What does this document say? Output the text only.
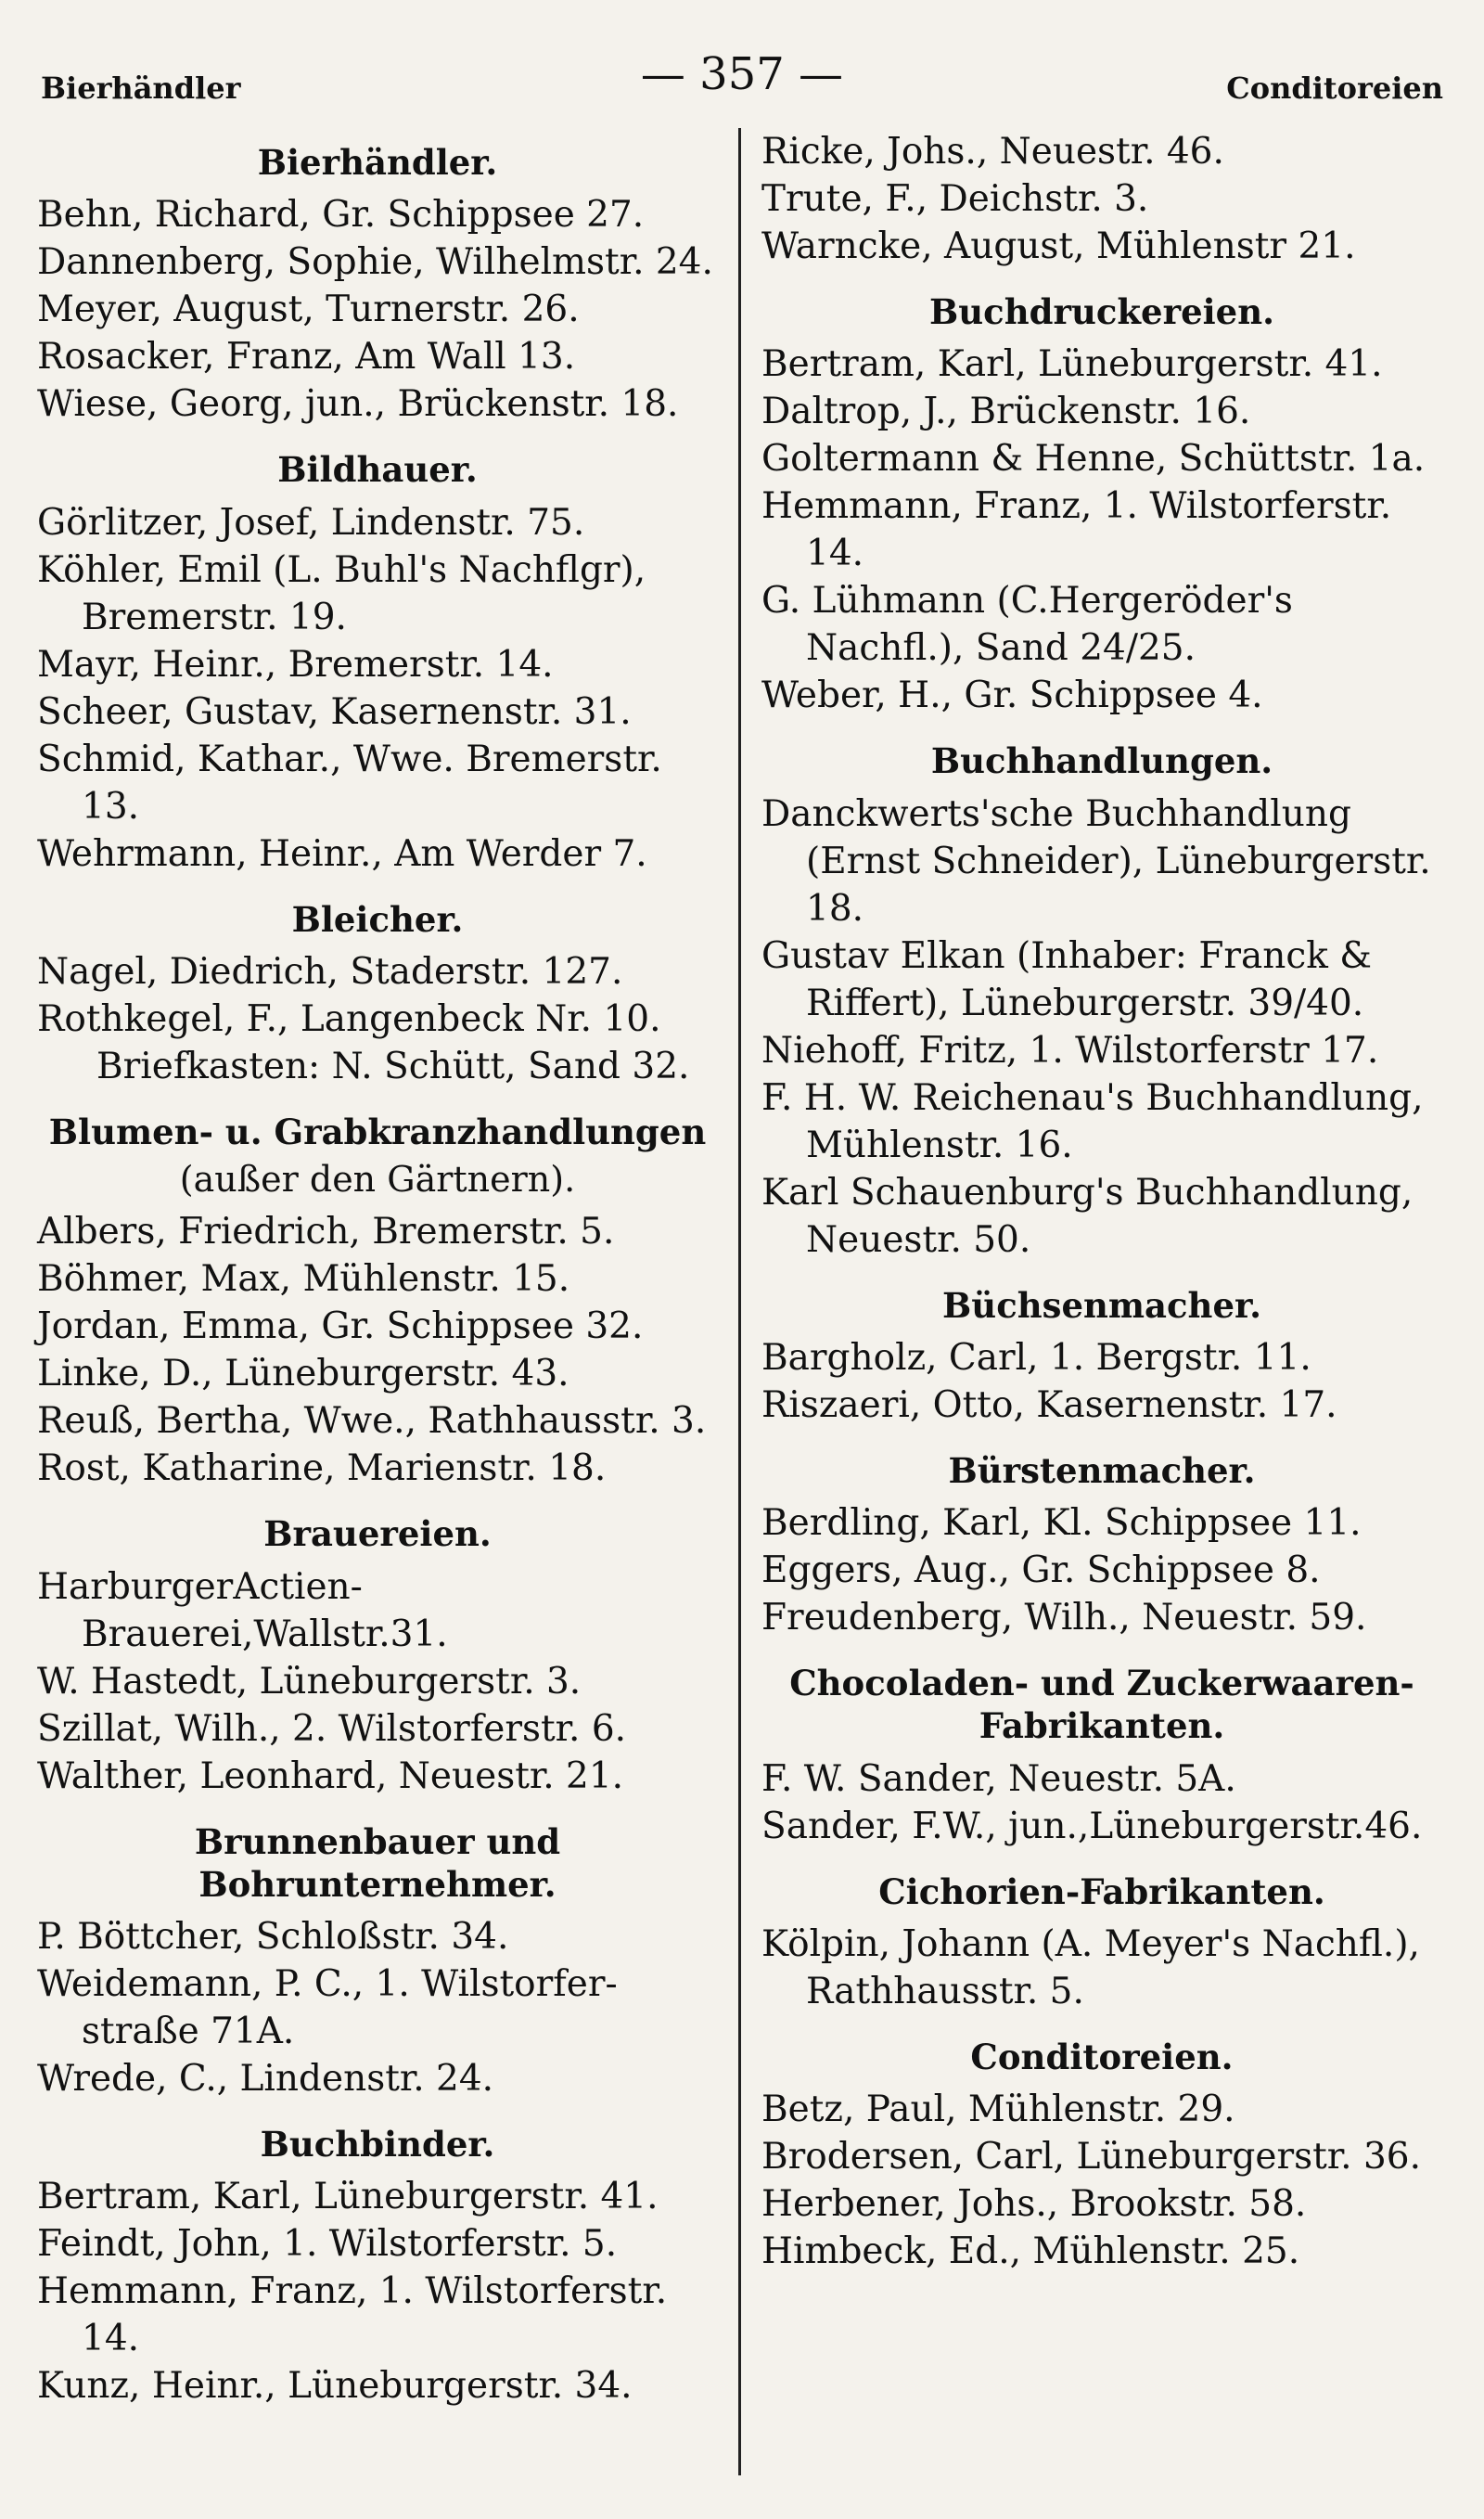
Bierhändler	— 357 —	Conditoreien
Bierhändler.
Behn, Richard, Gr. Schippsee 27.
Dannenberg, Sophie, Wilhelmstr. 24.
Meyer, August, Turnerstr. 26.
Rosacker, Franz, Am Wall 13.
Wiese, Georg, jun., Brückenstr. 18.
Bildhauer.
Görlitzer, Josef, Lindenstr. 75.
Köhler, Emil (L. Buhl's Nachflgr), Bremerstr. 19.
Mayr, Heinr., Bremerstr. 14.
Scheer, Gustav, Kasernenstr. 31.
Schmid, Kathar., Wwe. Bremerstr. 13.
Wehrmann, Heinr., Am Werder 7.
Bleicher.
Nagel, Diedrich, Staderstr. 127.
Rothkegel, F., Langenbeck Nr. 10.
Briefkasten: N. Schütt, Sand 32.
Blumen- u. Grabkranzhandlungen
(außer den Gärtnern).
Albers, Friedrich, Bremerstr. 5.
Böhmer, Max, Mühlenstr. 15.
Jordan, Emma, Gr. Schippsee 32.
Linke, D., Lüneburgerstr. 43.
Reuß, Bertha, Wwe., Rathhausstr. 3.
Rost, Katharine, Marienstr. 18.
Brauereien.
HarburgerActien-Brauerei,Wallstr.31.
W. Hastedt, Lüneburgerstr. 3.
Szillat, Wilh., 2. Wilstorferstr. 6.
Walther, Leonhard, Neuestr. 21.
Brunnenbauer und Bohrunternehmer.
P. Böttcher, Schloßstr. 34.
Weidemann, P. C., 1. Wilstorfer-straße 71A.
Wrede, C., Lindenstr. 24.
Buchbinder.
Bertram, Karl, Lüneburgerstr. 41.
Feindt, John, 1. Wilstorferstr. 5.
Hemmann, Franz, 1. Wilstorferstr. 14.
Kunz, Heinr., Lüneburgerstr. 34.
Ricke, Johs., Neuestr. 46.
Trute, F., Deichstr. 3.
Warncke, August, Mühlenstr 21.
Buchdruckereien.
Bertram, Karl, Lüneburgerstr. 41.
Daltrop, J., Brückenstr. 16.
Goltermann & Henne, Schüttstr. 1a.
Hemmann, Franz, 1. Wilstorferstr. 14.
G. Lühmann (C.Hergeröder's Nachfl.), Sand 24/25.
Weber, H., Gr. Schippsee 4.
Buchhandlungen.
Danckwerts'sche Buchhandlung (Ernst Schneider), Lüneburgerstr. 18.
Gustav Elkan (Inhaber: Franck & Riffert), Lüneburgerstr. 39/40.
Niehoff, Fritz, 1. Wilstorferstr 17.
F. H. W. Reichenau's Buchhandlung, Mühlenstr. 16.
Karl Schauenburg's Buchhandlung, Neuestr. 50.
Büchsenmacher.
Bargholz, Carl, 1. Bergstr. 11.
Riszaeri, Otto, Kasernenstr. 17.
Bürstenmacher.
Berdling, Karl, Kl. Schippsee 11.
Eggers, Aug., Gr. Schippsee 8.
Freudenberg, Wilh., Neuestr. 59.
Chocoladen- und Zuckerwaaren-Fabrikanten.
F. W. Sander, Neuestr. 5A.
Sander, F.W., jun.,Lüneburgerstr.46.
Cichorien-Fabrikanten.
Kölpin, Johann (A. Meyer's Nachfl.), Rathhausstr. 5.
Conditoreien.
Betz, Paul, Mühlenstr. 29.
Brodersen, Carl, Lüneburgerstr. 36.
Herbener, Johs., Brookstr. 58.
Himbeck, Ed., Mühlenstr. 25.
